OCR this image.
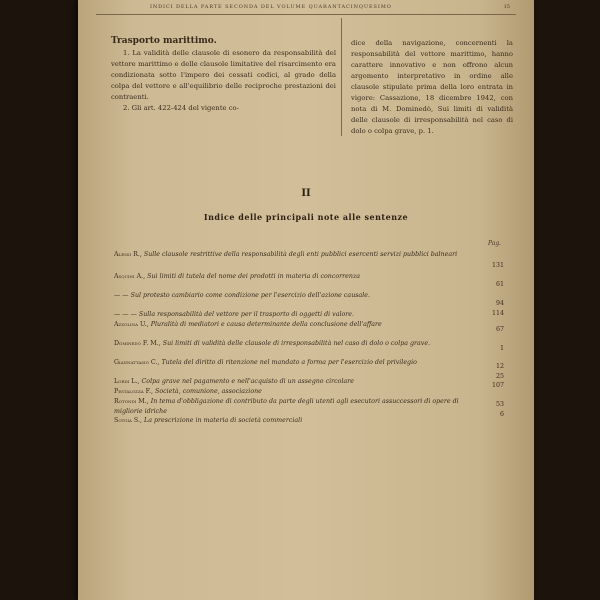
INDICI DELLA PARTE SECONDA DEL VOLUME QUARANTACINQUESIMO	15

Trasporto marittimo.

1. La validità delle clausole di esonero da responsabilità del vettore marittimo e delle clausole limitative del risarcimento era condizionata sotto l'impero dei cessati codici, al grado della colpa del vettore e all'equilibrio delle reciproche prestazioni dei contraenti.

2. Gli art. 422-424 del vigente co-

dice della navigazione, concernenti la responsabilità del vettore marittimo, hanno carattere innovativo e non offrono alcun argomento interpretativo in ordine alle clausole stipulate prima della loro entrata in vigore: Cassazione, 18 dicembre 1942, con nota di M. Dominedò, Sui limiti di validità delle clausole di irresponsabilità nel caso di dolo o colpa grave, p. 1.

II
Indice delle principali note alle sentenze
Pag.
Alessi R., Sulle clausole restrittive della responsabilità degli enti pubblici esercenti servizi pubblici balneari
131
Asquini A., Sui limiti di tutela del nome dei prodotti in materia di concorrenza
61
— — Sul protesto cambiario come condizione per l'esercizio dell'azione causale.
94
— — — Sulla responsabilità del vettore per il trasporto di oggetti di valore.	114
Azzolina U., Pluralità di mediatori e causa determinante della conclusione dell'affare
67
Dominedò F. M., Sui limiti di validità delle clausole di irresponsabilità nel caso di dolo o colpa grave.
1
Giannattasio C., Tutela del diritto di ritenzione nel mandato a forma per l'esercizio del privilegio
12
Lordi L., Colpa grave nel pagamento e nell'acquisto di un assegno circolare
25
Pestalozza F., Società, comunione, associazione
107
Rotondi M., In tema d'obbligazione di contributo da parte degli utenti agli esecutori assuccessori di opere di migliorie idriche
53
Sotgia S., La prescrizione in materia di società commerciali
6
